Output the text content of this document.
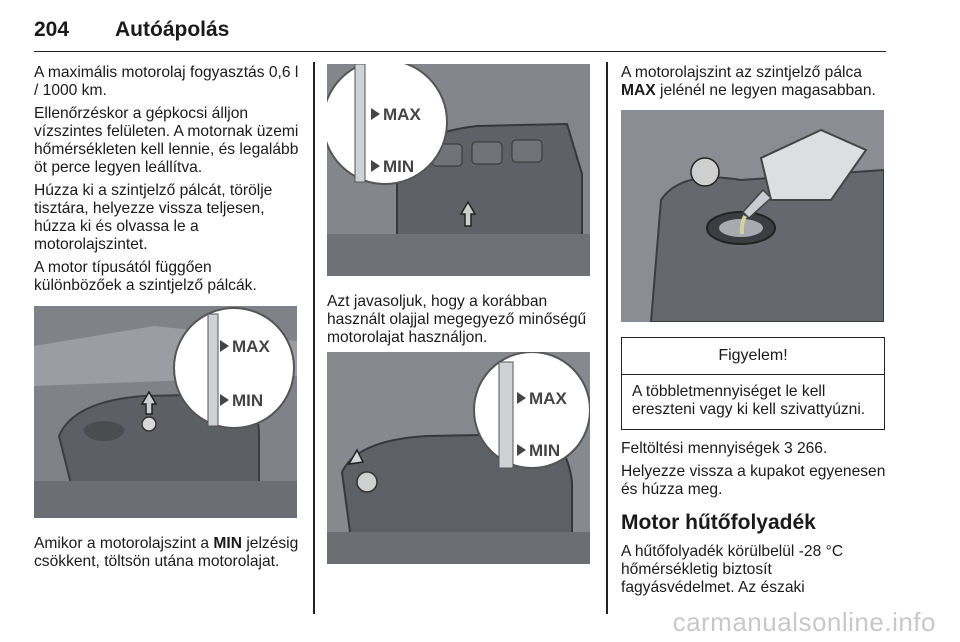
204 Autóápolás

A maximális motorolaj fogyasztás 0,6 l / 1000 km.

Ellenőrzéskor a gépkocsi álljon vízszintes felületen. A motornak üzemi hőmérsékleten kell lennie, és legalább öt perce legyen leállítva.

Húzza ki a szintjelző pálcát, törölje tisztára, helyezze vissza teljesen, húzza ki és olvassa le a motorolajszintet.

A motor típusától függően különbözőek a szintjelző pálcák.

MAX
MIN

Amikor a motorolajszint a MIN jelzésig csökkent, töltsön utána motorolajat.

MAX
MIN

Azt javasoljuk, hogy a korábban használt olajjal megegyező minőségű motorolajat használjon.

MAX
MIN

A motorolajszint az szintjelző pálca
MAX jelénél ne legyen magasabban.

Figyelem!
A többletmennyiséget le kell ereszteni vagy ki kell szivattyúzni.

Feltöltési mennyiségek 3 266.

Helyezze vissza a kupakot egyenesen és húzza meg.

Motor hűtőfolyadék

A hűtőfolyadék körülbelül -28 °C hőmérsékletig biztosít fagyásvédelmet. Az északi

carmanualsonline.info
